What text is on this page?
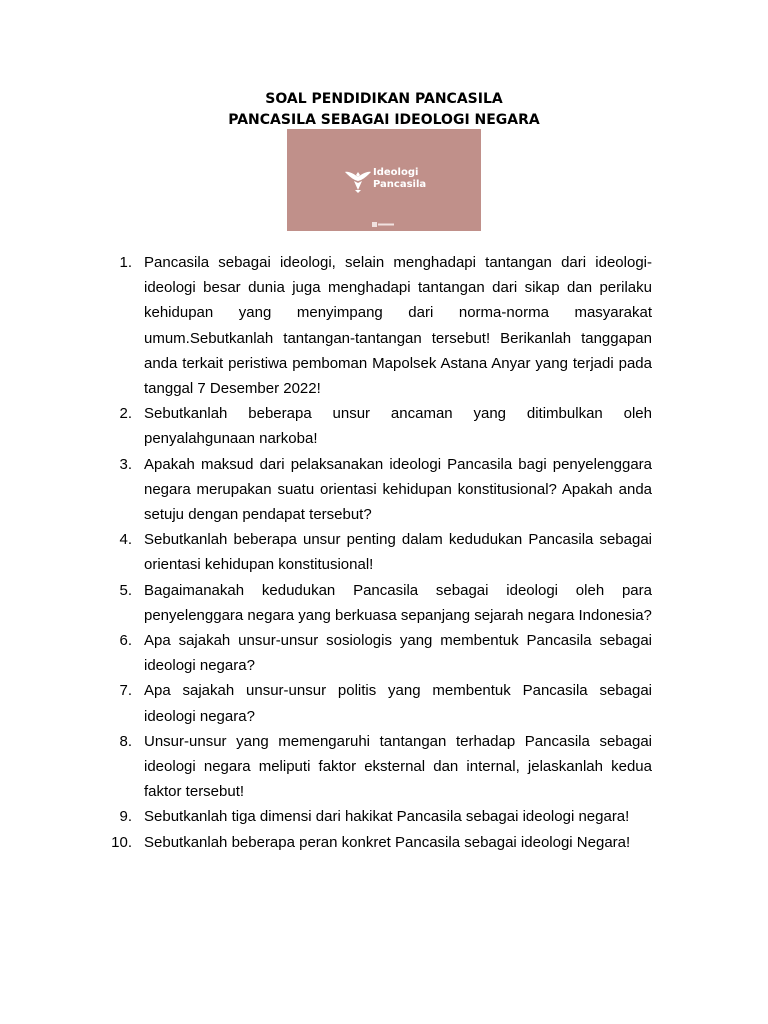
SOAL PENDIDIKAN PANCASILA
PANCASILA SEBAGAI IDEOLOGI NEGARA
Ideologi
Pancasila
1. Pancasila sebagai ideologi, selain menghadapi tantangan dari ideologi-ideologi besar dunia juga menghadapi tantangan dari sikap dan perilaku kehidupan yang menyimpang dari norma-norma masyarakat umum.Sebutkanlah tantangan-tantangan tersebut! Berikanlah tanggapan anda terkait peristiwa pemboman Mapolsek Astana Anyar yang terjadi pada tanggal 7 Desember 2022!
2. Sebutkanlah beberapa unsur ancaman yang ditimbulkan oleh penyalahgunaan narkoba!
3. Apakah maksud dari pelaksanakan ideologi Pancasila bagi penyelenggara negara merupakan suatu orientasi kehidupan konstitusional? Apakah anda setuju dengan pendapat tersebut?
4. Sebutkanlah beberapa unsur penting dalam kedudukan Pancasila sebagai orientasi kehidupan konstitusional!
5. Bagaimanakah kedudukan Pancasila sebagai ideologi oleh para penyelenggara negara yang berkuasa sepanjang sejarah negara Indonesia?
6. Apa sajakah unsur-unsur sosiologis yang membentuk Pancasila sebagai ideologi negara?
7. Apa sajakah unsur-unsur politis yang membentuk Pancasila sebagai ideologi negara?
8. Unsur-unsur yang memengaruhi tantangan terhadap Pancasila sebagai ideologi negara meliputi faktor eksternal dan internal, jelaskanlah kedua faktor tersebut!
9. Sebutkanlah tiga dimensi dari hakikat Pancasila sebagai ideologi negara!
10. Sebutkanlah beberapa peran konkret Pancasila sebagai ideologi Negara!
